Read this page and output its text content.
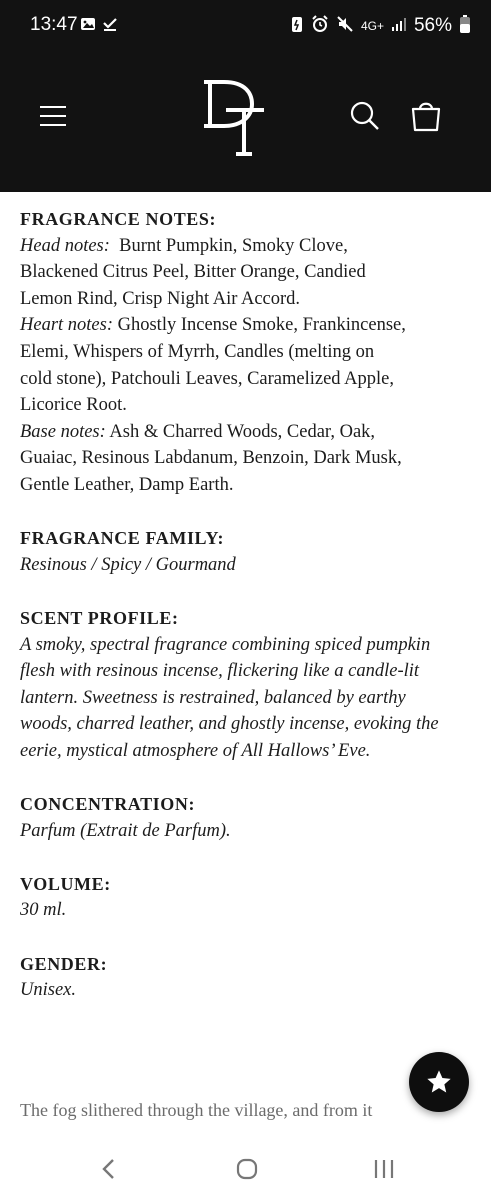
13:47	4G+ 56%
FRAGRANCE NOTES:
Head notes: Burnt Pumpkin, Smoky Clove,
Blackened Citrus Peel, Bitter Orange, Candied
Lemon Rind, Crisp Night Air Accord.
Heart notes: Ghostly Incense Smoke, Frankincense,
Elemi, Whispers of Myrrh, Candles (melting on
cold stone), Patchouli Leaves, Caramelized Apple,
Licorice Root.
Base notes: Ash & Charred Woods, Cedar, Oak,
Guaiac, Resinous Labdanum, Benzoin, Dark Musk,
Gentle Leather, Damp Earth.
FRAGRANCE FAMILY:
Resinous / Spicy / Gourmand
SCENT PROFILE:
A smoky, spectral fragrance combining spiced pumpkin
flesh with resinous incense, flickering like a candle-lit
lantern. Sweetness is restrained, balanced by earthy
woods, charred leather, and ghostly incense, evoking the
eerie, mystical atmosphere of All Hallows’ Eve.
CONCENTRATION:
Parfum (Extrait de Parfum).
VOLUME:
30 ml.
GENDER:
Unisex.
The fog slithered through the village, and from it
